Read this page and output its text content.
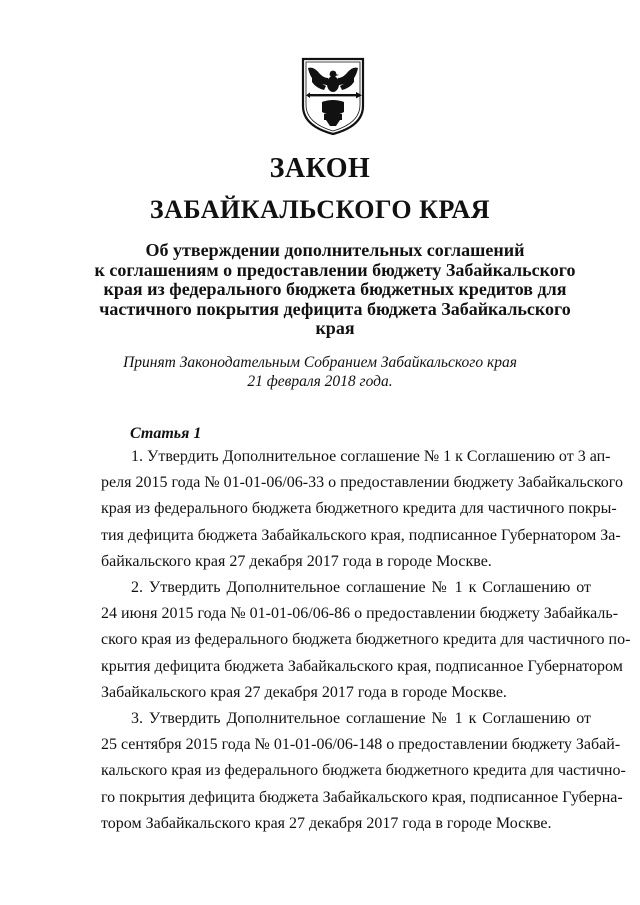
ЗАКОН
ЗАБАЙКАЛЬСКОГО КРАЯ
Об утверждении дополнительных соглашений
к соглашениям о предоставлении бюджету Забайкальского
края из федерального бюджета бюджетных кредитов для
частичного покрытия дефицита бюджета Забайкальского края
Принят Законодательным Собранием Забайкальского края
21 февраля 2018 года.
Статья 1
1. Утвердить Дополнительное соглашение № 1 к Соглашению от 3 ап-
реля 2015 года № 01-01-06/06-33 о предоставлении бюджету Забайкальского
края из федерального бюджета бюджетного кредита для частичного покры-
тия дефицита бюджета Забайкальского края, подписанное Губернатором За-
байкальского края 27 декабря 2017 года в городе Москве.
2. Утвердить Дополнительное соглашение № 1 к Соглашению от
24 июня 2015 года № 01-01-06/06-86 о предоставлении бюджету Забайкаль-
ского края из федерального бюджета бюджетного кредита для частичного по-
крытия дефицита бюджета Забайкальского края, подписанное Губернатором
Забайкальского края 27 декабря 2017 года в городе Москве.
3. Утвердить Дополнительное соглашение № 1 к Соглашению от
25 сентября 2015 года № 01-01-06/06-148 о предоставлении бюджету Забай-
кальского края из федерального бюджета бюджетного кредита для частично-
го покрытия дефицита бюджета Забайкальского края, подписанное Губерна-
тором Забайкальского края 27 декабря 2017 года в городе Москве.
